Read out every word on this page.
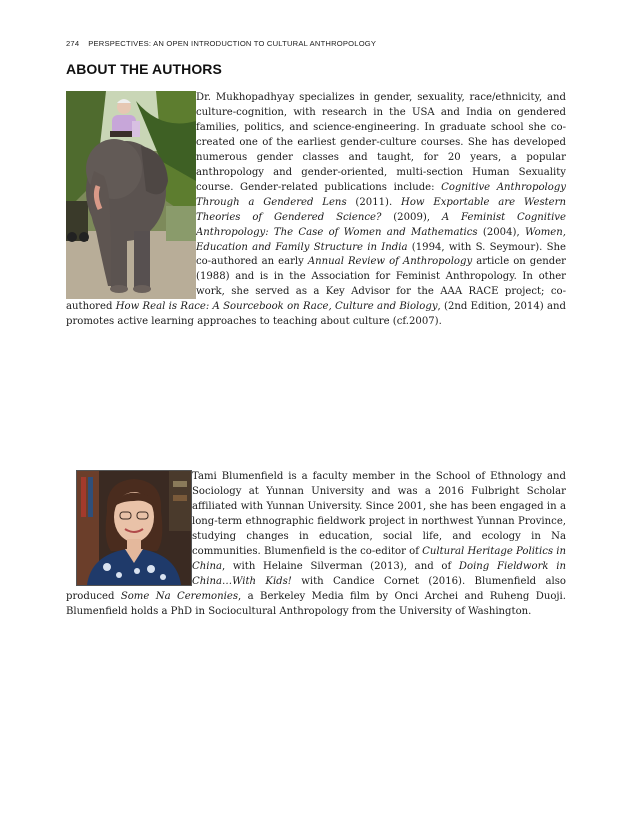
274 PERSPECTIVES: AN OPEN INTRODUCTION TO CULTURAL ANTHROPOLOGY
ABOUT THE AUTHORS

Dr. Mukhopadhyay specializes in gender, sexuality, race/ethnicity, and culture-cognition, with research in the USA and India on gendered families, politics, and science-engineering. In graduate school she co-created one of the earliest gender-culture courses. She has developed numerous gender classes and taught, for 20 years, a popular anthropology and gender-oriented, multi-section Human Sexuality course. Gender-related publications include: Cognitive Anthropology Through a Gendered Lens (2011). How Exportable are Western Theories of Gendered Science? (2009), A Feminist Cognitive Anthropology: The Case of Women and Mathematics (2004), Women, Education and Family Structure in India (1994, with S. Seymour). She co-authored an early Annual Review of Anthropology article on gender (1988) and is in the Association for Feminist Anthropology. In other work, she served as a Key Advisor for the AAA RACE project; co-authored How Real is Race: A Sourcebook on Race, Culture and Biology, (2nd Edition, 2014) and promotes active learning approaches to teaching about culture (cf.2007).

Tami Blumenfield is a faculty member in the School of Ethnology and Sociology at Yunnan University and was a 2016 Fulbright Scholar affiliated with Yunnan University. Since 2001, she has been engaged in a long-term ethnographic fieldwork project in northwest Yunnan Province, studying changes in education, social life, and ecology in Na communities. Blumenfield is the co-editor of Cultural Heritage Politics in China, with Helaine Silverman (2013), and of Doing Fieldwork in China…With Kids! with Candice Cornet (2016). Blumenfield also produced Some Na Ceremonies, a Berkeley Media film by Onci Archei and Ruheng Duoji. Blumenfield holds a PhD in Sociocultural Anthropology from the University of Washington.
